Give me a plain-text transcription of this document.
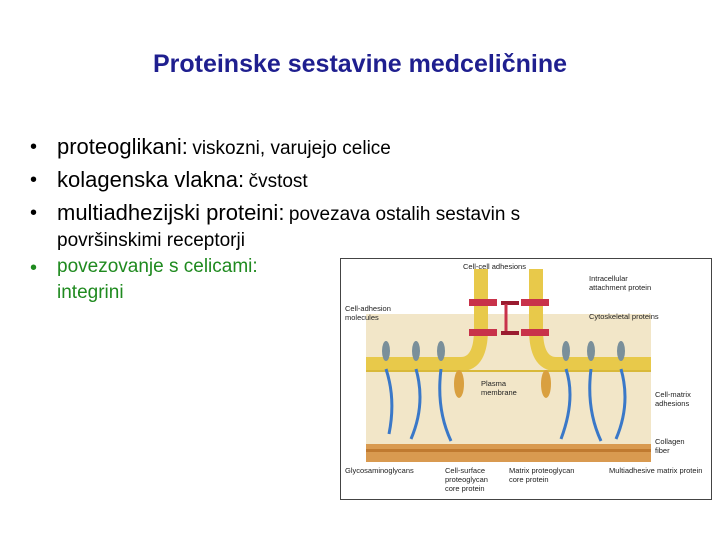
Proteinske sestavine medceličnine
• proteoglikani: viskozni, varujejo celice
• kolagenska vlakna: čvstost
• multiadhezijski proteini: povezava ostalih sestavin s
površinskimi receptorji
• povezovanje s celicami:
integrini
Cell-cell adhesions
Intracellular
attachment protein
Cell-adhesion
molecules	Cytoskeletal proteins
Plasma
membrane	Cell-matrix
adhesions
Collagen
fiber
Glycosaminoglycans	Cell-surface
proteoglycan
core protein
Matrix proteoglycan
core protein
Multiadhesive matrix protein
